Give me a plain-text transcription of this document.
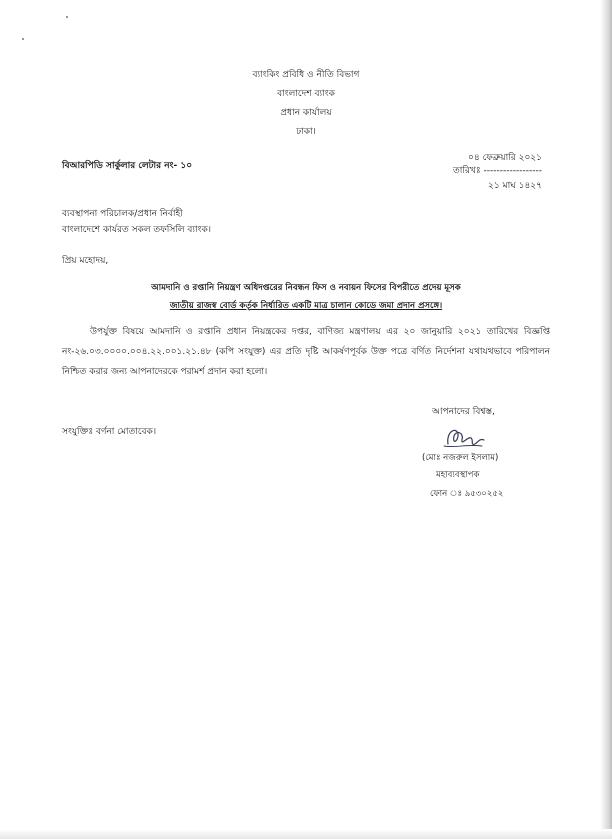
ব্যাংকিং প্রবিধি ও নীতি বিভাগ
বাংলাদেশ ব্যাংক
প্রধান কার্যালয়
ঢাকা।
০৪ ফেব্রুয়ারি ২০২১
বিআরপিডি সার্কুলার লেটার নং- ১০	তারিখঃ ------------------
২১ মাঘ ১৪২৭
ব্যবস্থাপনা পরিচালক/প্রধান নির্বাহী
বাংলাদেশে কার্যরত সকল তফসিলি ব্যাংক।
প্রিয় মহোদয়,
আমদানি ও রপ্তানি নিয়ন্ত্রণ অধিদপ্তরের নিবন্ধন ফিস ও নবায়ন ফিসের বিপরীতে প্রদেয় মূসক
জাতীয় রাজস্ব বোর্ড কর্তৃক নির্ধারিত একটি মাত্র চালান কোডে জমা প্রদান প্রসঙ্গে।
উপর্যুক্ত বিষয়ে আমদানি ও রপ্তানি প্রধান নিয়ন্ত্রকের দপ্তর, বাণিজ্য মন্ত্রণালয় এর ২০ জানুয়ারি ২০২১ তারিখের বিজ্ঞপ্তি নং-২৬.০৩.০০০০.০০৪.২২.০০১.২১.৪৮ (কপি সংযুক্ত) এর প্রতি দৃষ্টি আকর্ষণপূর্বক উক্ত পত্রে বর্ণিত নির্দেশনা যথাযথভাবে পরিপালন নিশ্চিত করার জন্য আপনাদেরকে পরামর্শ প্রদান করা হলো।
আপনাদের বিশ্বস্ত,
সংযুক্তিঃ বর্ণনা মোতাবেক।
(মোঃ নজরুল ইসলাম)
মহাব্যবস্থাপক
ফোন ঃ ৯৫৩০২৫২
